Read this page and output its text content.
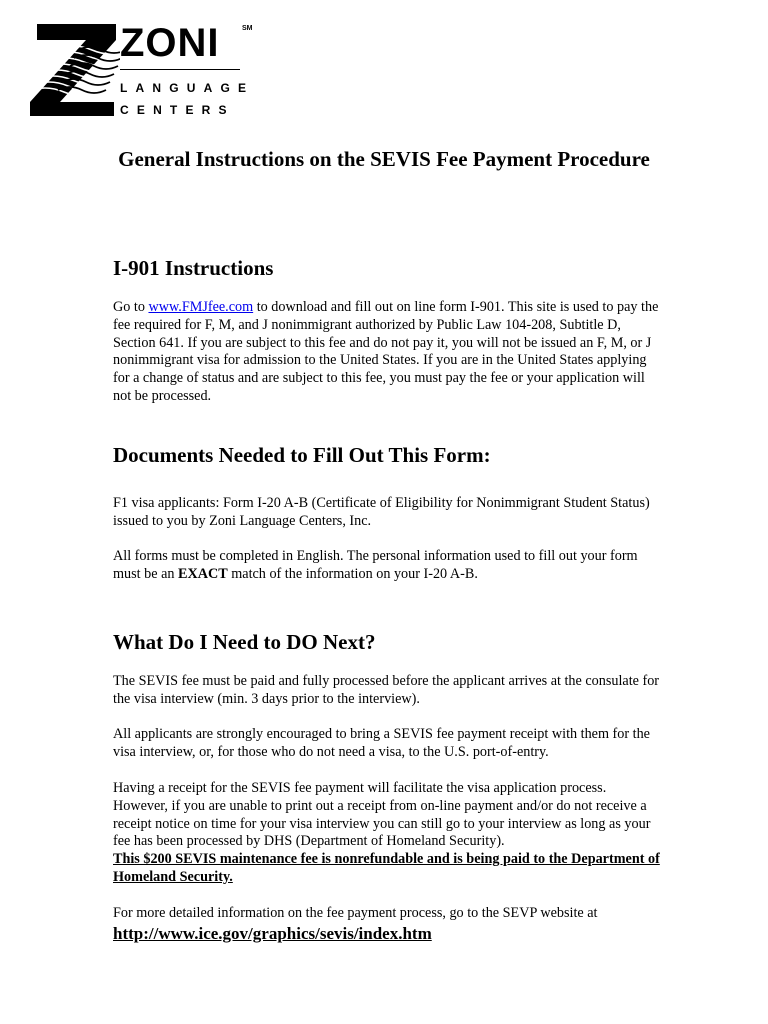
ZONI	SM
LANGUAGE
CENTERS
General Instructions on the SEVIS Fee Payment Procedure
I-901 Instructions

Go to www.FMJfee.com to download and fill out on line form I-901. This site is used to pay the fee required for F, M, and J nonimmigrant authorized by Public Law 104-208, Subtitle D, Section 641. If you are subject to this fee and do not pay it, you will not be issued an F, M, or J nonimmigrant visa for admission to the United States. If you are in the United States applying for a change of status and are subject to this fee, you must pay the fee or your application will not be processed.

Documents Needed to Fill Out This Form:

F1 visa applicants: Form I-20 A-B (Certificate of Eligibility for Nonimmigrant Student Status) issued to you by Zoni Language Centers, Inc.

All forms must be completed in English. The personal information used to fill out your form must be an EXACT match of the information on your I-20 A-B.

What Do I Need to DO Next?

The SEVIS fee must be paid and fully processed before the applicant arrives at the consulate for the visa interview (min. 3 days prior to the interview).

All applicants are strongly encouraged to bring a SEVIS fee payment receipt with them for the visa interview, or, for those who do not need a visa, to the U.S. port-of-entry.

Having a receipt for the SEVIS fee payment will facilitate the visa application process. However, if you are unable to print out a receipt from on-line payment and/or do not receive a receipt notice on time for your visa interview you can still go to your interview as long as your fee has been processed by DHS (Department of Homeland Security).
This $200 SEVIS maintenance fee is nonrefundable and is being paid to the Department of Homeland Security.

For more detailed information on the fee payment process, go to the SEVP website at
http://www.ice.gov/graphics/sevis/index.htm
